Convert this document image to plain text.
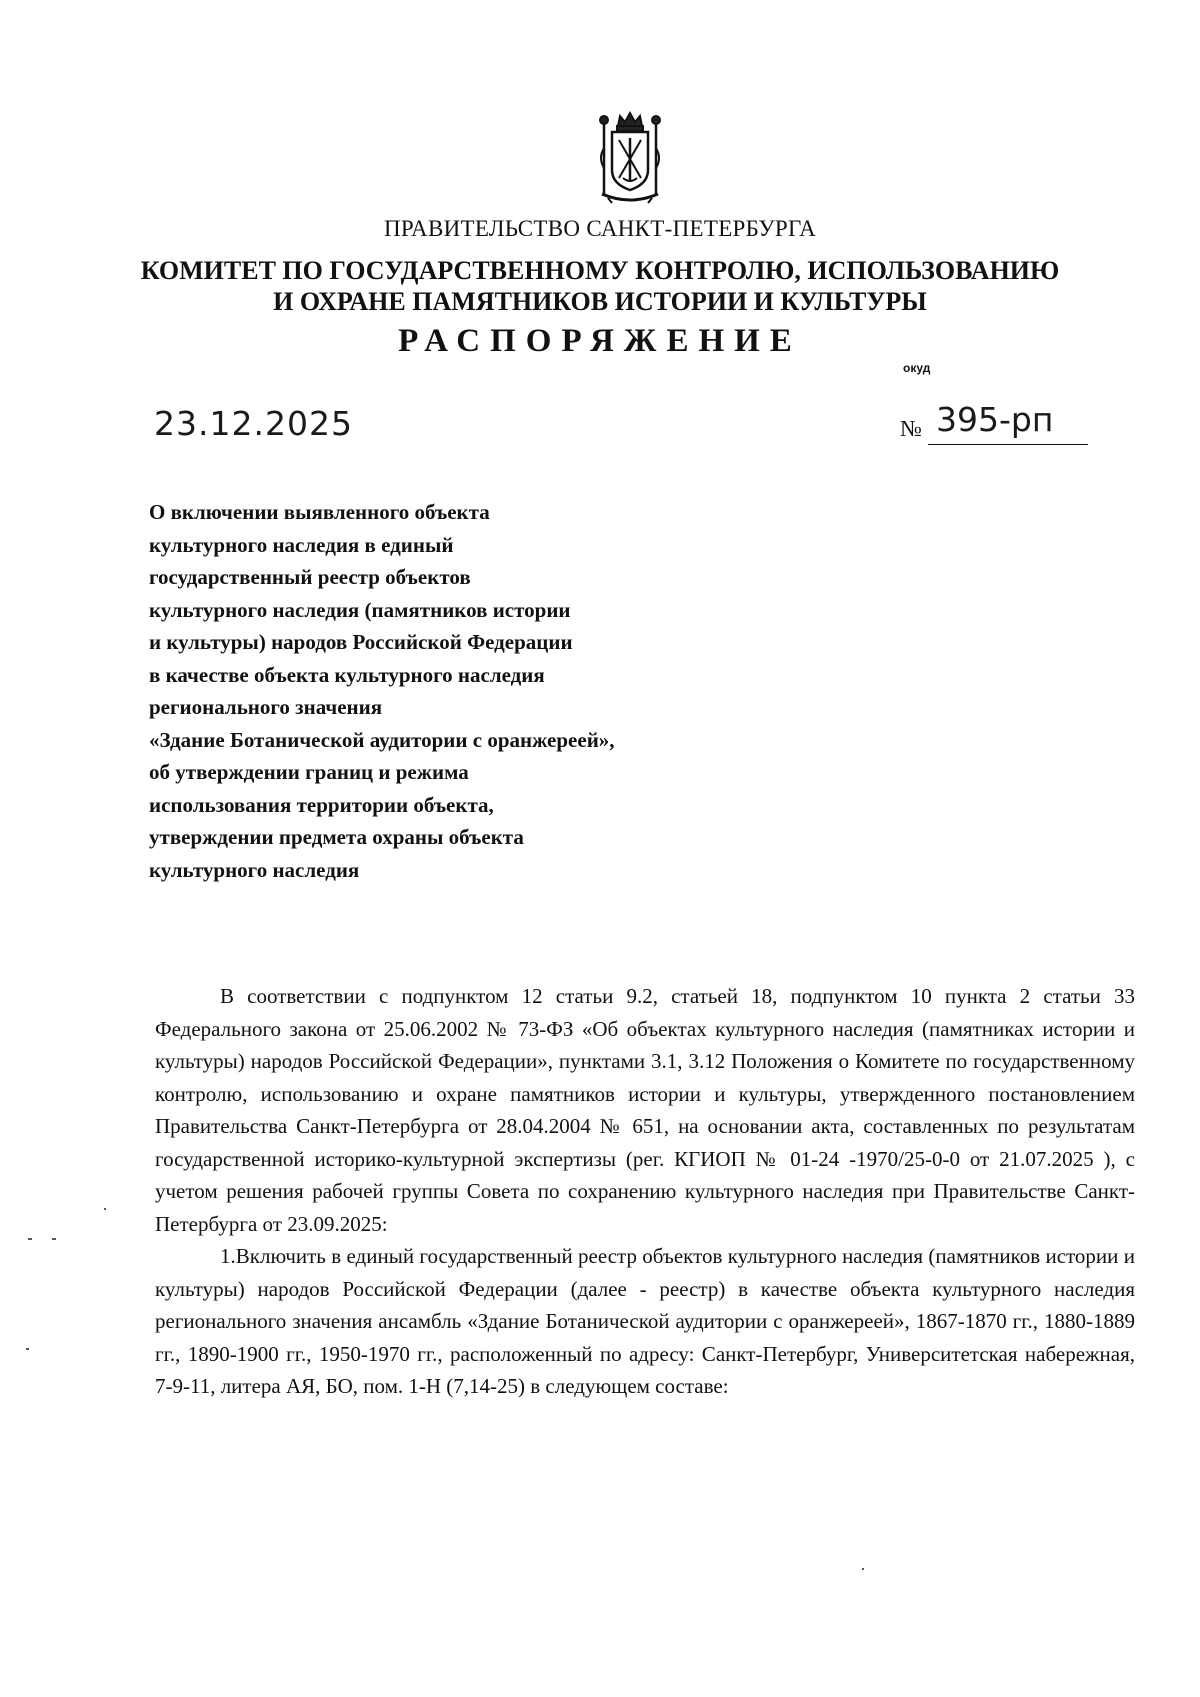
ПРАВИТЕЛЬСТВО САНКТ-ПЕТЕРБУРГА
КОМИТЕТ ПО ГОСУДАРСТВЕННОМУ КОНТРОЛЮ, ИСПОЛЬЗОВАНИЮ
И ОХРАНЕ ПАМЯТНИКОВ ИСТОРИИ И КУЛЬТУРЫ
РАСПОРЯЖЕНИЕ
окуд
23.12.2025	№ 395-рп
О включении выявленного объекта
культурного наследия в единый
государственный реестр объектов
культурного наследия (памятников истории
и культуры) народов Российской Федерации
в качестве объекта культурного наследия
регионального значения
«Здание Ботанической аудитории с оранжереей»,
об утверждении границ и режима
использования территории объекта,
утверждении предмета охраны объекта
культурного наследия

В соответствии с подпунктом 12 статьи 9.2, статьей 18, подпунктом 10 пункта 2 статьи 33 Федерального закона от 25.06.2002 № 73-ФЗ «Об объектах культурного наследия (памятниках истории и культуры) народов Российской Федерации», пунктами 3.1, 3.12 Положения о Комитете по государственному контролю, использованию и охране памятников истории и культуры, утвержденного постановлением Правительства Санкт-Петербурга от 28.04.2004 № 651, на основании акта, составленных по результатам государственной историко-культурной экспертизы (рег. КГИОП № 01-24 -1970/25-0-0 от 21.07.2025 ), с учетом решения рабочей группы Совета по сохранению культурного наследия при Правительстве Санкт-Петербурга от 23.09.2025:

1.Включить в единый государственный реестр объектов культурного наследия (памятников истории и культуры) народов Российской Федерации (далее - реестр) в качестве объекта культурного наследия регионального значения ансамбль «Здание Ботанической аудитории с оранжереей», 1867-1870 гг., 1880-1889 гг., 1890-1900 гг., 1950-1970 гг., расположенный по адресу: Санкт-Петербург, Университетская набережная, 7-9-11, литера АЯ, БО, пом. 1-Н (7,14-25) в следующем составе:
